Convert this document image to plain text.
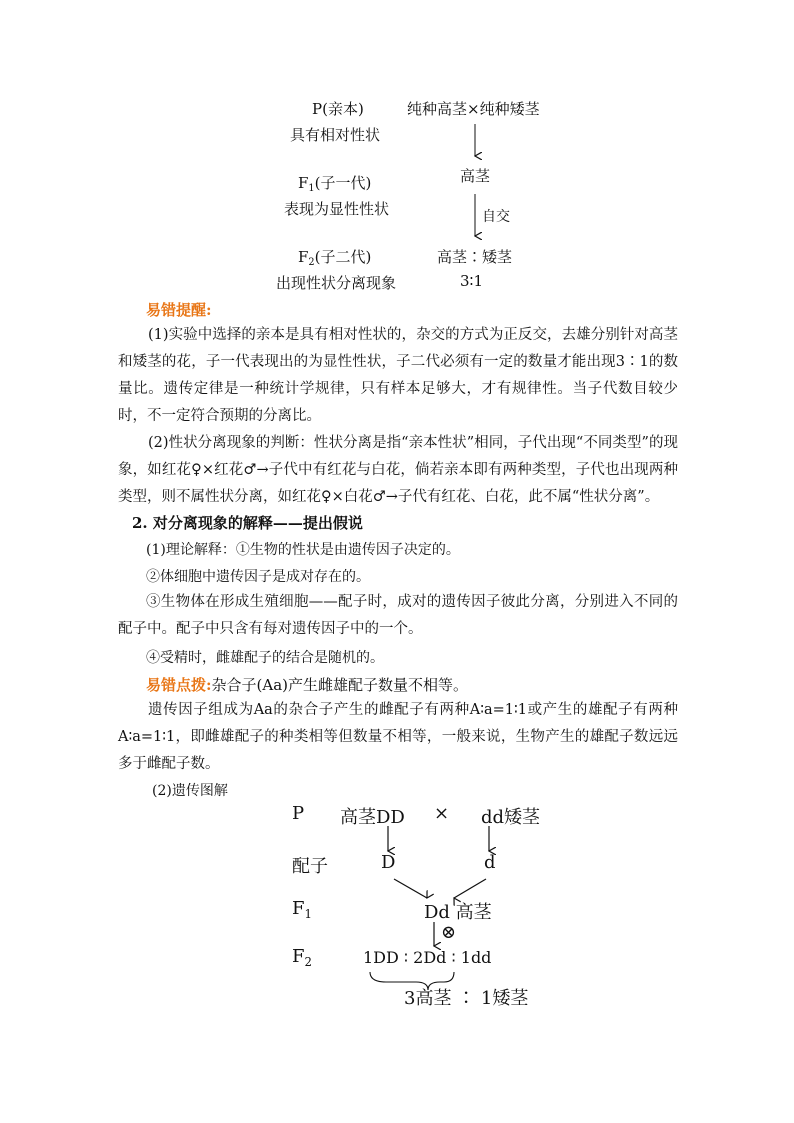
P(亲本)
具有相对性状
纯种高茎×纯种矮茎
$F_1$(子一代)
表现为显性性状
高茎
自交
$F_2$(子二代)
出现性状分离现象
高茎∶矮茎
3∶1
易错提醒:
(1)实验中选择的亲本是具有相对性状的，杂交的方式为正反交，去雄分别针对高茎和矮茎的花，子一代表现出的为显性性状，子二代必须有一定的数量才能出现3∶1的数量比。遗传定律是一种统计学规律，只有样本足够大，才有规律性。当子代数目较少时，不一定符合预期的分离比。
(2)性状分离现象的判断：性状分离是指“亲本性状”相同，子代出现“不同类型”的现象，如红花♀×红花♂→子代中有红花与白花，倘若亲本即有两种类型，子代也出现两种类型，则不属性状分离，如红花♀×白花♂→子代有红花、白花，此不属“性状分离”。
2. 对分离现象的解释——提出假说
(1)理论解释：①生物的性状是由遗传因子决定的。
②体细胞中遗传因子是成对存在的。
③生物体在形成生殖细胞——配子时，成对的遗传因子彼此分离，分别进入不同的配子中。配子中只含有每对遗传因子中的一个。
④受精时，雌雄配子的结合是随机的。
易错点拨:杂合子(Aa)产生雌雄配子数量不相等。
遗传因子组成为Aa的杂合子产生的雌配子有两种A∶a=1∶1或产生的雄配子有两种A∶a=1∶1，即雌雄配子的种类相等但数量不相等，一般来说，生物产生的雄配子数远远多于雌配子数。
(2)遗传图解
P 高茎DD × dd矮茎
配子	D	d
$F_1$	Dd 高茎
⊗
$F_2$	1DD ∶ 2Dd ∶ 1dd
3高茎 ∶ 1矮茎
